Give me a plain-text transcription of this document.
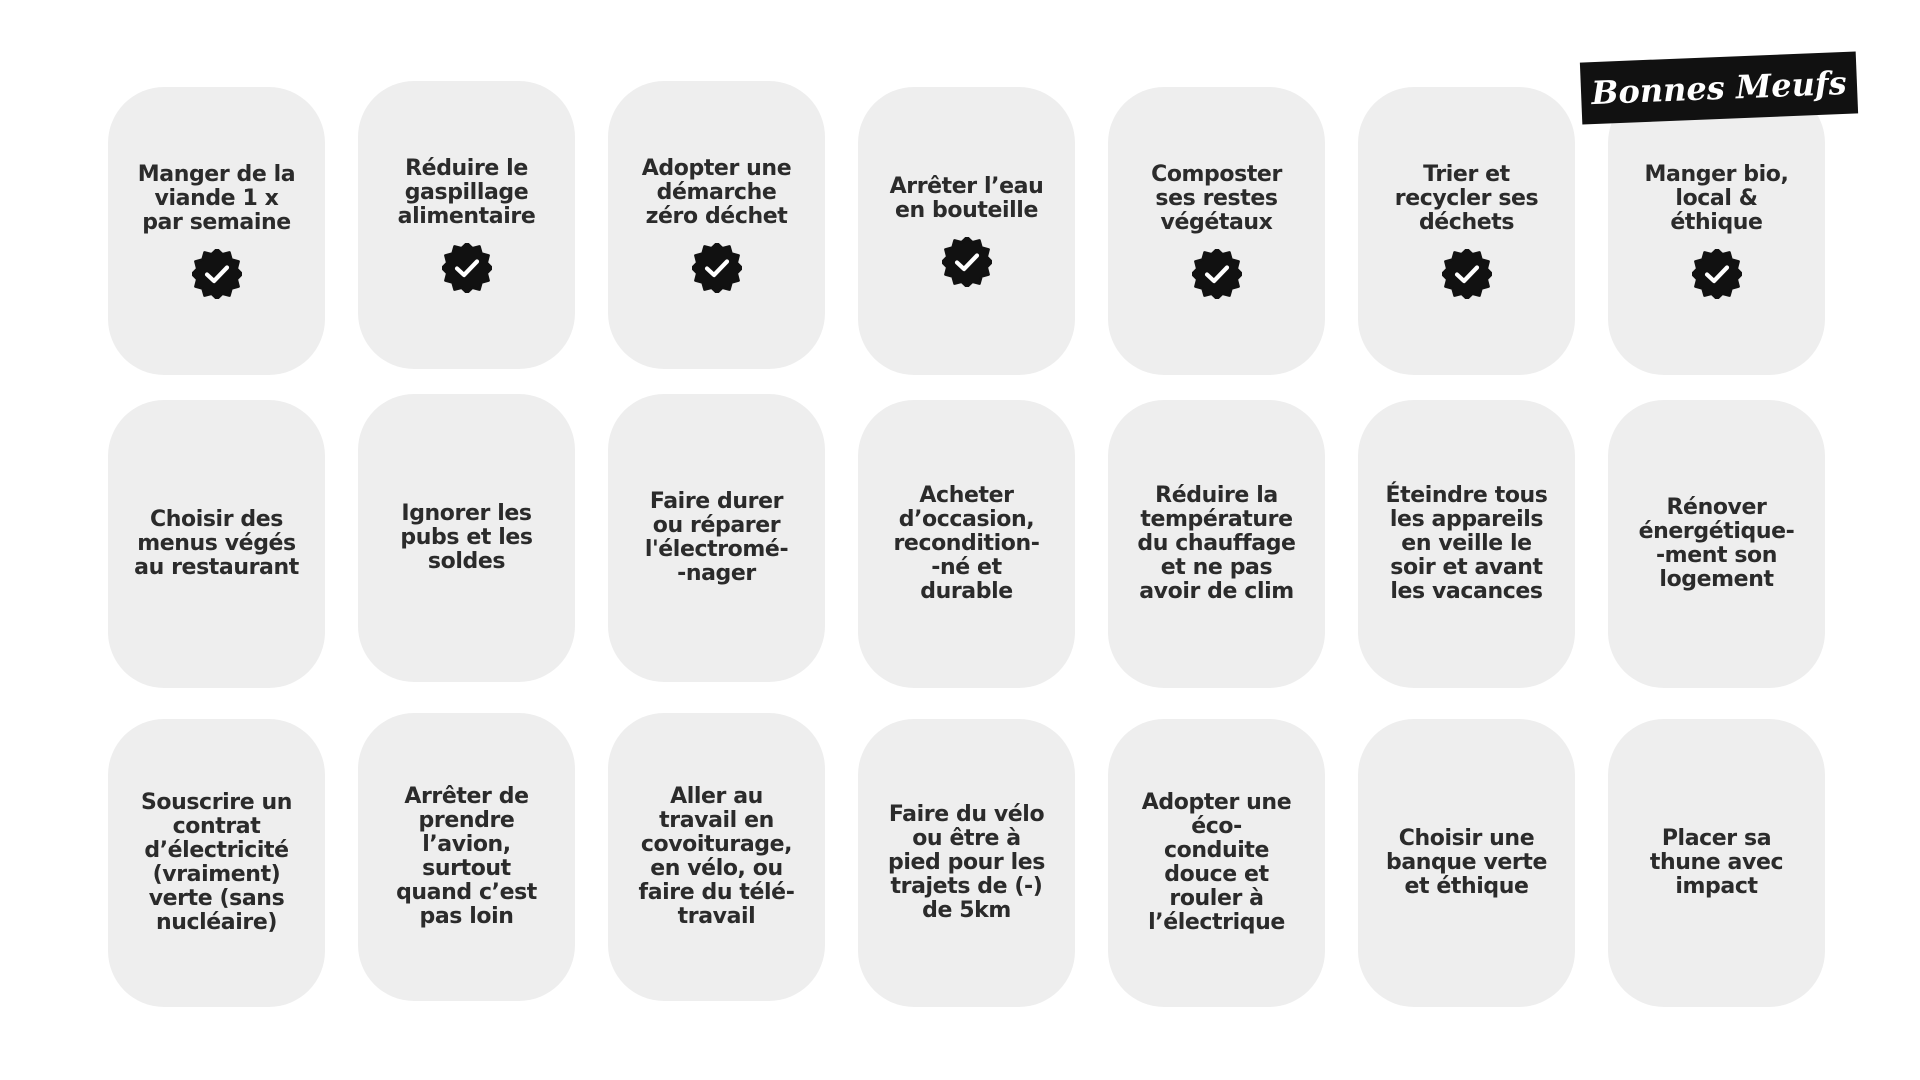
Manger de la
viande 1 x
par semaine
Réduire le
gaspillage
alimentaire
Adopter une
démarche
zéro déchet
Arrêter l’eau
en bouteille
Composter
ses restes
végétaux
Trier et
recycler ses
déchets
Manger bio,
local &
éthique
Choisir des
menus végés
au restaurant
Ignorer les
pubs et les
soldes
Faire durer
ou réparer
l'électromé-
-nager
Acheter
d’occasion,
recondition-
-né et
durable
Réduire la
température
du chauffage
et ne pas
avoir de clim
Éteindre tous
les appareils
en veille le
soir et avant
les vacances
Rénover
énergétique-
-ment son
logement
Souscrire un
contrat
d’électricité
(vraiment)
verte (sans
nucléaire)
Arrêter de
prendre
l’avion,
surtout
quand c’est
pas loin
Aller au
travail en
covoiturage,
en vélo, ou
faire du télé-
travail
Faire du vélo
ou être à
pied pour les
trajets de (-)
de 5km
Adopter une
éco-
conduite
douce et
rouler à
l’électrique
Choisir une
banque verte
et éthique
Placer sa
thune avec
impact
Bonnes Meufs
